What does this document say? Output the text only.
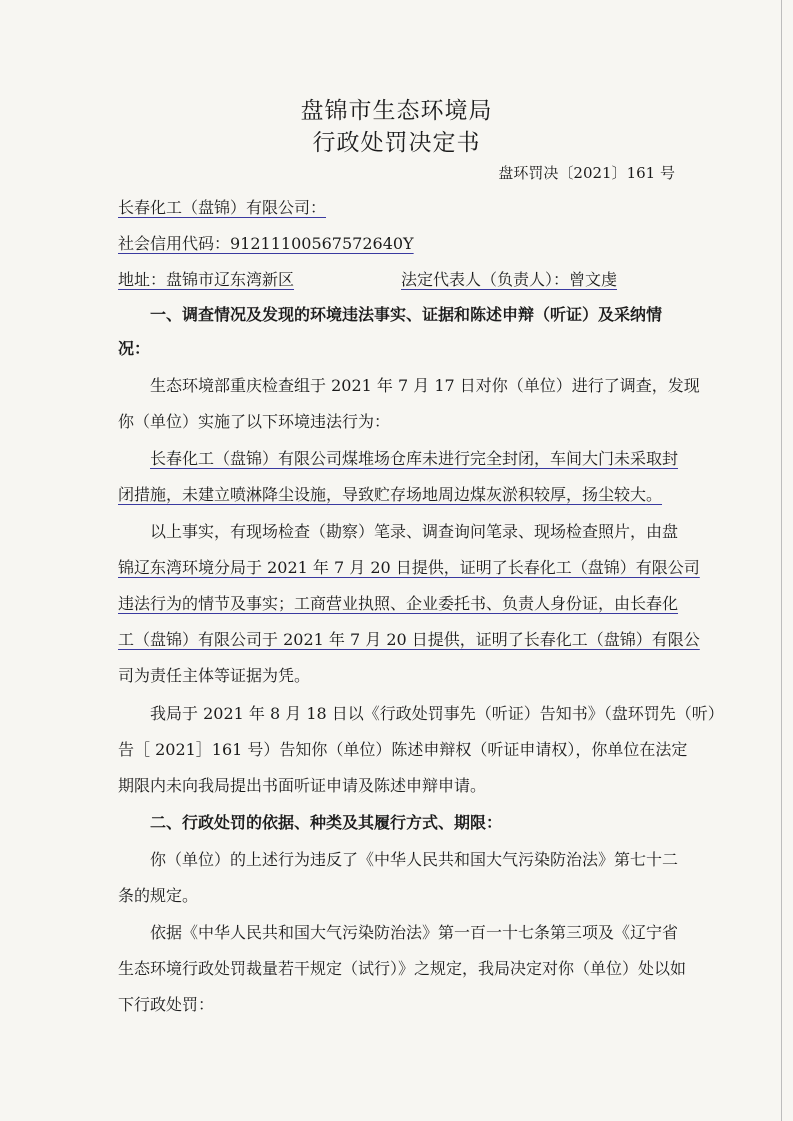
盘锦市生态环境局
行政处罚决定书
盘环罚决〔2021〕161 号
长春化工（盘锦）有限公司：
社会信用代码：91211100567572640Y
地址：盘锦市辽东湾新区	法定代表人（负责人）：曾文虔
一、调查情况及发现的环境违法事实、证据和陈述申辩（听证）及采纳情
况：
生态环境部重庆检查组于 2021 年 7 月 17 日对你（单位）进行了调查，发现
你（单位）实施了以下环境违法行为：
长春化工（盘锦）有限公司煤堆场仓库未进行完全封闭，车间大门未采取封
闭措施，未建立喷淋降尘设施，导致贮存场地周边煤灰淤积较厚，扬尘较大。
以上事实，有现场检查（勘察）笔录、调查询问笔录、现场检查照片，由盘
锦辽东湾环境分局于 2021 年 7 月 20 日提供，证明了长春化工（盘锦）有限公司
违法行为的情节及事实；工商营业执照、企业委托书、负责人身份证，由长春化
工（盘锦）有限公司于 2021 年 7 月 20 日提供，证明了长春化工（盘锦）有限公
司为责任主体等证据为凭。
我局于 2021 年 8 月 18 日以《行政处罚事先（听证）告知书》（盘环罚先（听）
告［ 2021］161 号）告知你（单位）陈述申辩权（听证申请权），你单位在法定
期限内未向我局提出书面听证申请及陈述申辩申请。
二、行政处罚的依据、种类及其履行方式、期限：
你（单位）的上述行为违反了《中华人民共和国大气污染防治法》第七十二
条的规定。
依据《中华人民共和国大气污染防治法》第一百一十七条第三项及《辽宁省
生态环境行政处罚裁量若干规定（试行）》之规定，我局决定对你（单位）处以如
下行政处罚：
